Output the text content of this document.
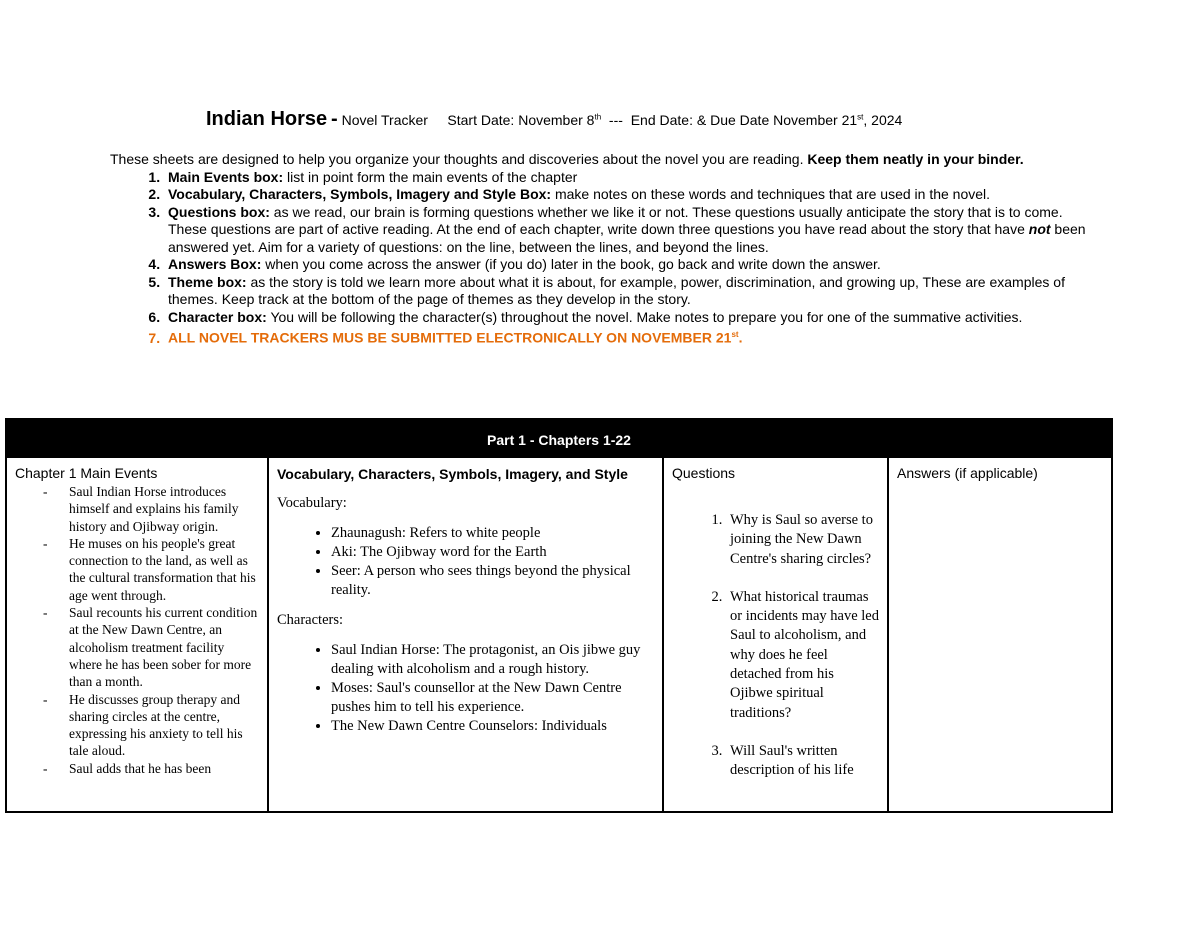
Indian Horse - Novel Tracker Start Date: November 8th --- End Date: & Due Date November 21st, 2024

These sheets are designed to help you organize your thoughts and discoveries about the novel you are reading. Keep them neatly in your binder.

1. Main Events box: list in point form the main events of the chapter
2. Vocabulary, Characters, Symbols, Imagery and Style Box: make notes on these words and techniques that are used in the novel.
3. Questions box: as we read, our brain is forming questions whether we like it or not. These questions usually anticipate the story that is to come. These questions are part of active reading. At the end of each chapter, write down three questions you have read about the story that have not been answered yet. Aim for a variety of questions: on the line, between the lines, and beyond the lines.
4. Answers Box: when you come across the answer (if you do) later in the book, go back and write down the answer.
5. Theme box: as the story is told we learn more about what it is about, for example, power, discrimination, and growing up, These are examples of themes. Keep track at the bottom of the page of themes as they develop in the story.
6. Character box: You will be following the character(s) throughout the novel. Make notes to prepare you for one of the summative activities.
7. ALL NOVEL TRACKERS MUS BE SUBMITTED ELECTRONICALLY ON NOVEMBER 21st.
Part 1 - Chapters 1-22
Chapter 1 Main Events
- Saul Indian Horse introduces himself and explains his family history and Ojibway origin.
- He muses on his people's great connection to the land, as well as the cultural transformation that his age went through.
- Saul recounts his current condition at the New Dawn Centre, an alcoholism treatment facility where he has been sober for more than a month.
- He discusses group therapy and sharing circles at the centre, expressing his anxiety to tell his tale aloud.
- Saul adds that he has been
Vocabulary, Characters, Symbols, Imagery, and Style

Vocabulary:

• Zhaunagush: Refers to white people
• Aki: The Ojibway word for the Earth
• Seer: A person who sees things beyond the physical reality.

Characters:

• Saul Indian Horse: The protagonist, an Ois jibwe guy dealing with alcoholism and a rough history.
• Moses: Saul's counsellor at the New Dawn Centre pushes him to tell his experience.
• The New Dawn Centre Counselors: Individuals
Questions
1. Why is Saul so averse to joining the New Dawn Centre's sharing circles?
2. What historical traumas or incidents may have led Saul to alcoholism, and why does he feel detached from his Ojibwe spiritual traditions?
3. Will Saul's written description of his life
Answers (if applicable)
